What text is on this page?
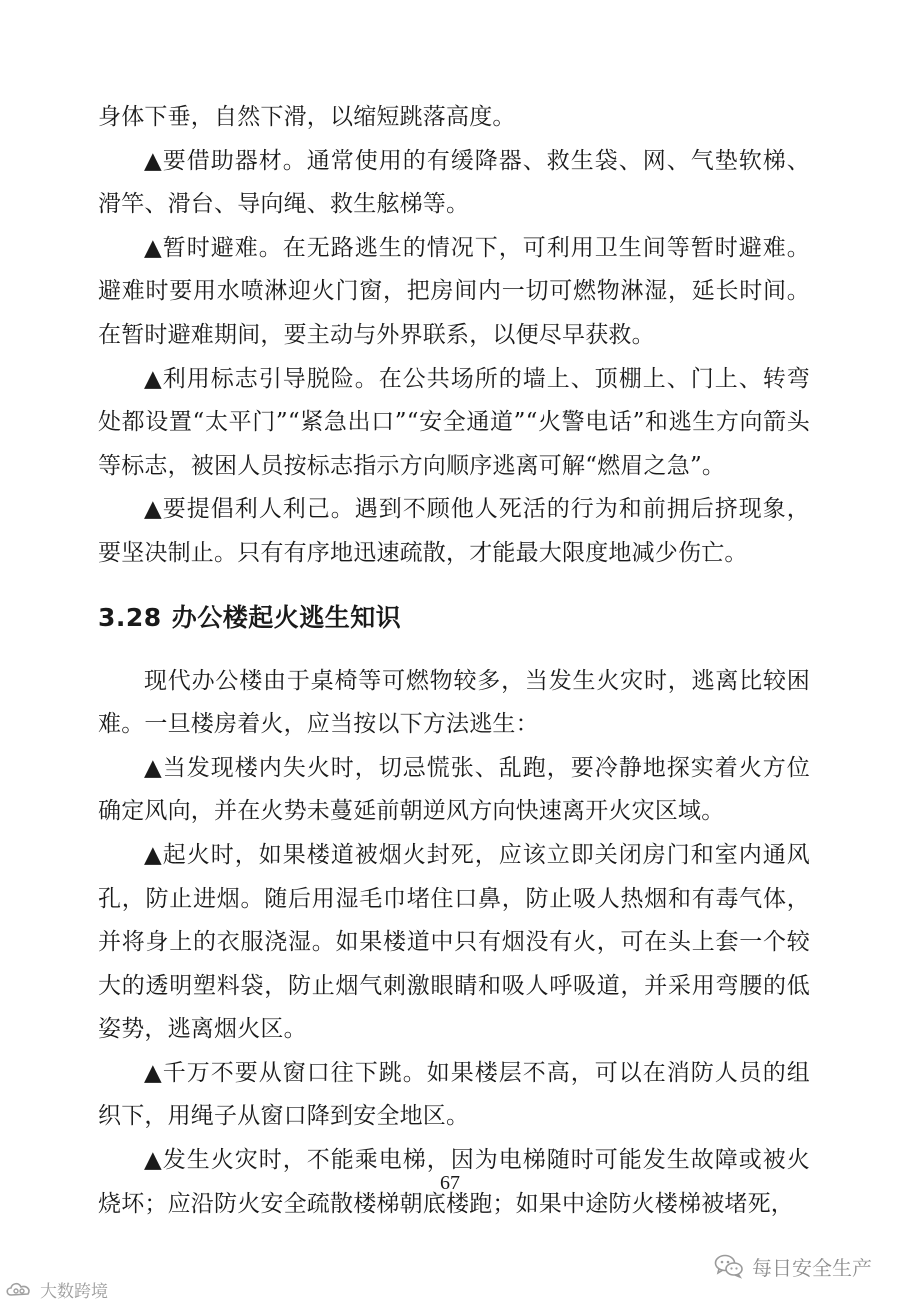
身体下垂，自然下滑，以缩短跳落高度。

▲要借助器材。通常使用的有缓降器、救生袋、网、气垫软梯、滑竿、滑台、导向绳、救生舷梯等。

▲暂时避难。在无路逃生的情况下，可利用卫生间等暂时避难。避难时要用水喷淋迎火门窗，把房间内一切可燃物淋湿，延长时间。在暂时避难期间，要主动与外界联系，以便尽早获救。

▲利用标志引导脱险。在公共场所的墙上、顶棚上、门上、转弯处都设置“太平门”“紧急出口”“安全通道”“火警电话”和逃生方向箭头等标志，被困人员按标志指示方向顺序逃离可解“燃眉之急”。

▲要提倡利人利己。遇到不顾他人死活的行为和前拥后挤现象，要坚决制止。只有有序地迅速疏散，才能最大限度地减少伤亡。

3.28 办公楼起火逃生知识

现代办公楼由于桌椅等可燃物较多，当发生火灾时，逃离比较困难。一旦楼房着火，应当按以下方法逃生：

▲当发现楼内失火时，切忌慌张、乱跑，要冷静地探实着火方位确定风向，并在火势未蔓延前朝逆风方向快速离开火灾区域。

▲起火时，如果楼道被烟火封死，应该立即关闭房门和室内通风孔，防止进烟。随后用湿毛巾堵住口鼻，防止吸人热烟和有毒气体，并将身上的衣服浇湿。如果楼道中只有烟没有火，可在头上套一个较大的透明塑料袋，防止烟气刺激眼睛和吸人呼吸道，并采用弯腰的低姿势，逃离烟火区。

▲千万不要从窗口往下跳。如果楼层不高，可以在消防人员的组织下，用绳子从窗口降到安全地区。

▲发生火灾时，不能乘电梯，因为电梯随时可能发生故障或被火烧坏；应沿防火安全疏散楼梯朝底楼跑；如果中途防火楼梯被堵死，

67
大数跨境
每日安全生产
